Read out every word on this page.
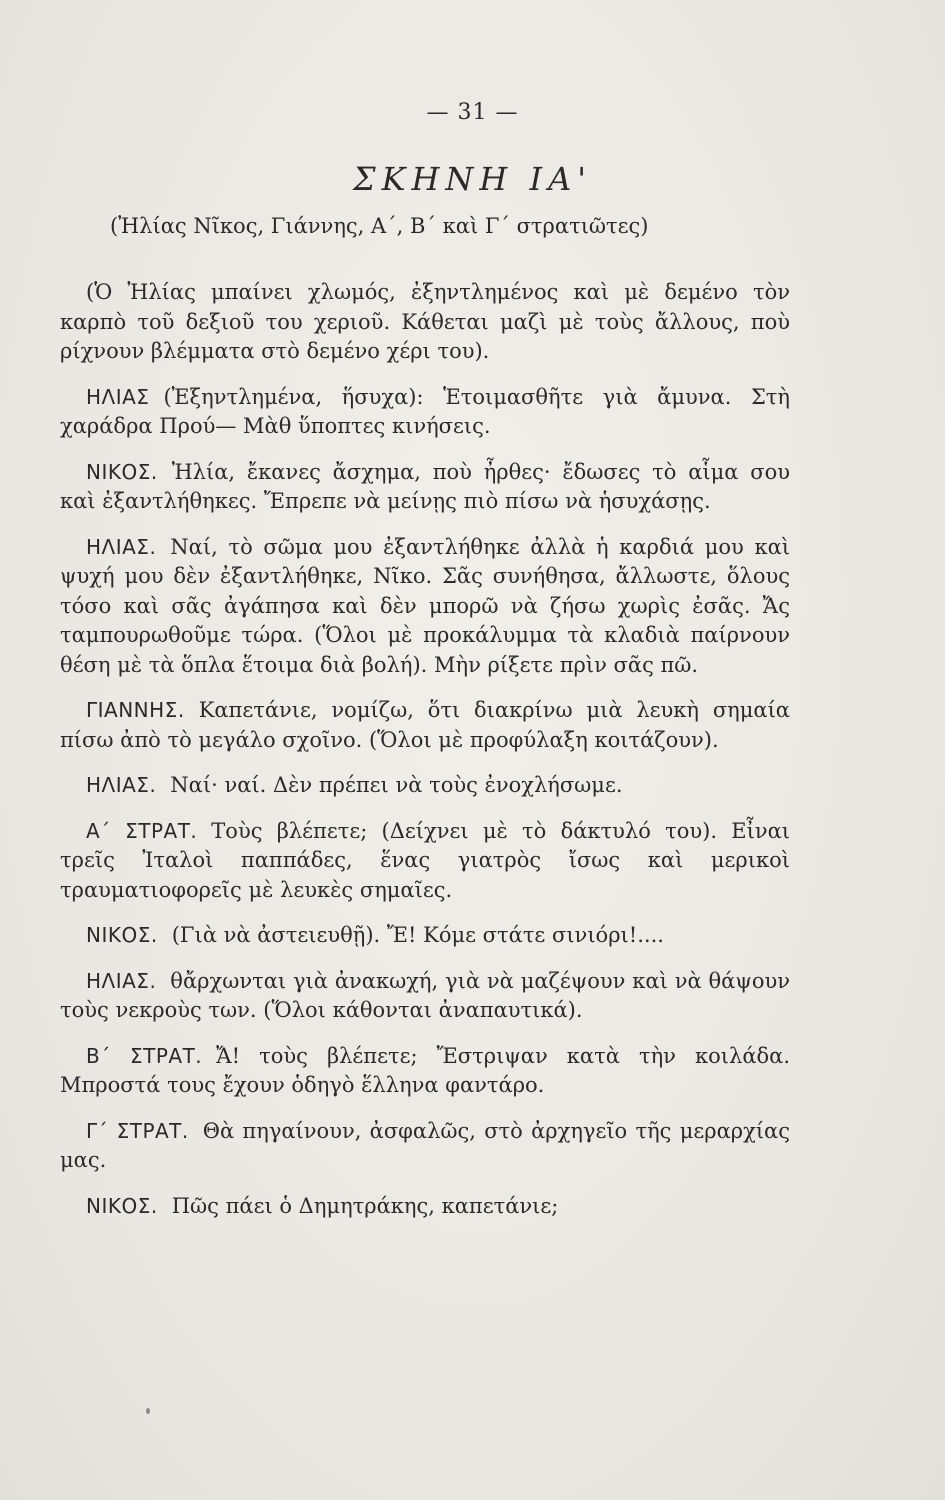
— 31 —
ΣΚΗΝΗ ΙΑ'
(Ἠλίας Νῖκος, Γιάννης, Α΄, Β΄ καὶ Γ΄ στρατιῶτες)

(Ὁ Ἠλίας μπαίνει χλωμός, ἐξηντλημένος καὶ μὲ δεμένο τὸν καρπὸ τοῦ δεξιοῦ του χεριοῦ. Κάθεται μαζὶ μὲ τοὺς ἄλλους, ποὺ ρίχνουν βλέμματα στὸ δεμένο χέρι του).

ΗΛΙΑΣ (Ἐξηντλημένα, ἥσυχα): Ἑτοιμασθῆτε γιὰ ἄμυνα. Στὴ χαράδρα Πρού— Μὰθ ὕποπτες κινήσεις.

ΝΙΚΟΣ. Ἠλία, ἔκανες ἄσχημα, ποὺ ἦρθες· ἔδωσες τὸ αἷμα σου καὶ ἐξαντλήθηκες. Ἔπρεπε νὰ μείνῃς πιὸ πίσω νὰ ἡσυχάσῃς.

ΗΛΙΑΣ. Ναί, τὸ σῶμα μου ἐξαντλήθηκε ἀλλὰ ἡ καρδιά μου καὶ ψυχή μου δὲν ἐξαντλήθηκε, Νῖκο. Σᾶς συνήθησα, ἄλλωστε, ὅλους τόσο καὶ σᾶς ἀγάπησα καὶ δὲν μπορῶ νὰ ζήσω χωρὶς ἐσᾶς. Ἄς ταμπουρωθοῦμε τώρα. (Ὅλοι μὲ προκάλυμμα τὰ κλαδιὰ παίρνουν θέση μὲ τὰ ὅπλα ἕτοιμα διὰ βολή). Μὴν ρίξετε πρὶν σᾶς πῶ.

ΓΙΑΝΝΗΣ. Καπετάνιε, νομίζω, ὅτι διακρίνω μιὰ λευκὴ σημαία πίσω ἀπὸ τὸ μεγάλο σχοῖνο. (Ὅλοι μὲ προφύλαξη κοιτάζουν).

ΗΛΙΑΣ. Ναί· ναί. Δὲν πρέπει νὰ τοὺς ἐνοχλήσωμε.

Α΄ ΣΤΡΑΤ. Τοὺς βλέπετε; (Δείχνει μὲ τὸ δάκτυλό του). Εἶναι τρεῖς Ἰταλοὶ παππάδες, ἕνας γιατρὸς ἴσως καὶ μερικοὶ τραυματιοφορεῖς μὲ λευκὲς σημαῖες.

ΝΙΚΟΣ. (Γιὰ νὰ ἀστειευθῇ). Ἔ! Κόμε στάτε σινιόρι!....

ΗΛΙΑΣ. θἄρχωνται γιὰ ἀνακωχή, γιὰ νὰ μαζέψουν καὶ νὰ θάψουν τοὺς νεκροὺς των. (Ὅλοι κάθονται ἀναπαυτικά).

Β΄ ΣΤΡΑΤ. Ἄ! τοὺς βλέπετε; Ἔστριψαν κατὰ τὴν κοιλάδα. Μπροστά τους ἔχουν ὁδηγὸ ἕλληνα φαντάρο.

Γ΄ ΣΤΡΑΤ. Θὰ πηγαίνουν, ἀσφαλῶς, στὸ ἀρχηγεῖο τῆς μεραρχίας μας.

ΝΙΚΟΣ. Πῶς πάει ὁ Δημητράκης, καπετάνιε;
